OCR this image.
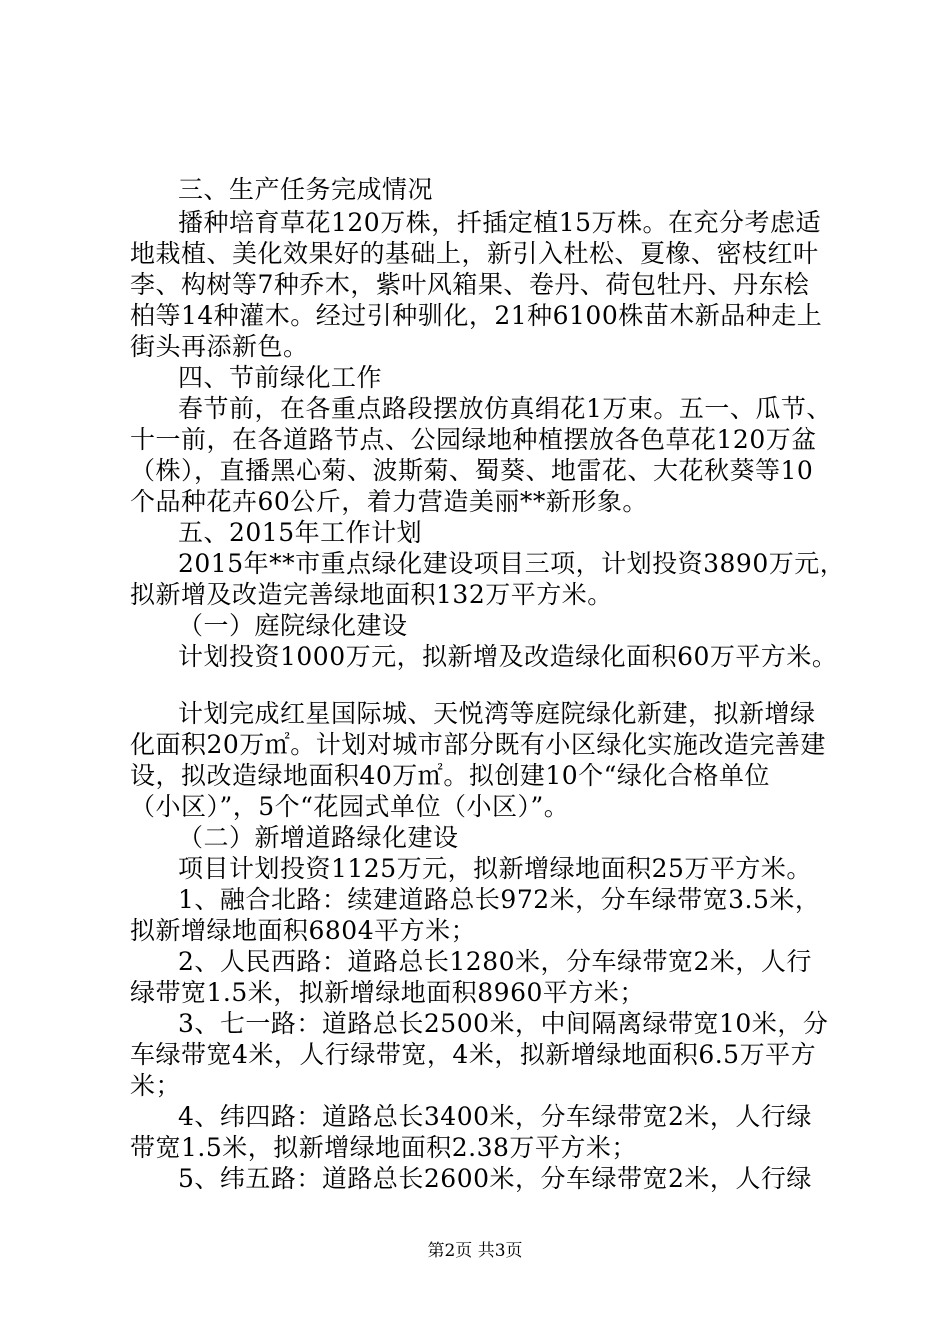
三、生产任务完成情况
播种培育草花120万株，扦插定植15万株。在充分考虑适
地栽植、美化效果好的基础上，新引入杜松、夏橡、密枝红叶
李、构树等7种乔木，紫叶风箱果、卷丹、荷包牡丹、丹东桧
柏等14种灌木。经过引种驯化，21种6100株苗木新品种走上
街头再添新色。
四、节前绿化工作
春节前，在各重点路段摆放仿真绢花1万束。五一、瓜节、
十一前，在各道路节点、公园绿地种植摆放各色草花120万盆
（株），直播黑心菊、波斯菊、蜀葵、地雷花、大花秋葵等10
个品种花卉60公斤，着力营造美丽**新形象。
五、2015年工作计划
2015年**市重点绿化建设项目三项，计划投资3890万元，
拟新增及改造完善绿地面积132万平方米。
（一）庭院绿化建设
计划投资1000万元，拟新增及改造绿化面积60万平方米。
计划完成红星国际城、天悦湾等庭院绿化新建，拟新增绿
化面积20万㎡。计划对城市部分既有小区绿化实施改造完善建
设，拟改造绿地面积40万㎡。拟创建10个“绿化合格单位
（小区）”，5个“花园式单位（小区）”。
（二）新增道路绿化建设
项目计划投资1125万元，拟新增绿地面积25万平方米。
1、融合北路：续建道路总长972米，分车绿带宽3.5米，
拟新增绿地面积6804平方米；
2、人民西路：道路总长1280米，分车绿带宽2米，人行
绿带宽1.5米，拟新增绿地面积8960平方米；
3、七一路：道路总长2500米，中间隔离绿带宽10米，分
车绿带宽4米，人行绿带宽，4米，拟新增绿地面积6.5万平方
米；
4、纬四路：道路总长3400米，分车绿带宽2米，人行绿
带宽1.5米，拟新增绿地面积2.38万平方米；
5、纬五路：道路总长2600米，分车绿带宽2米，人行绿
第2页 共3页
